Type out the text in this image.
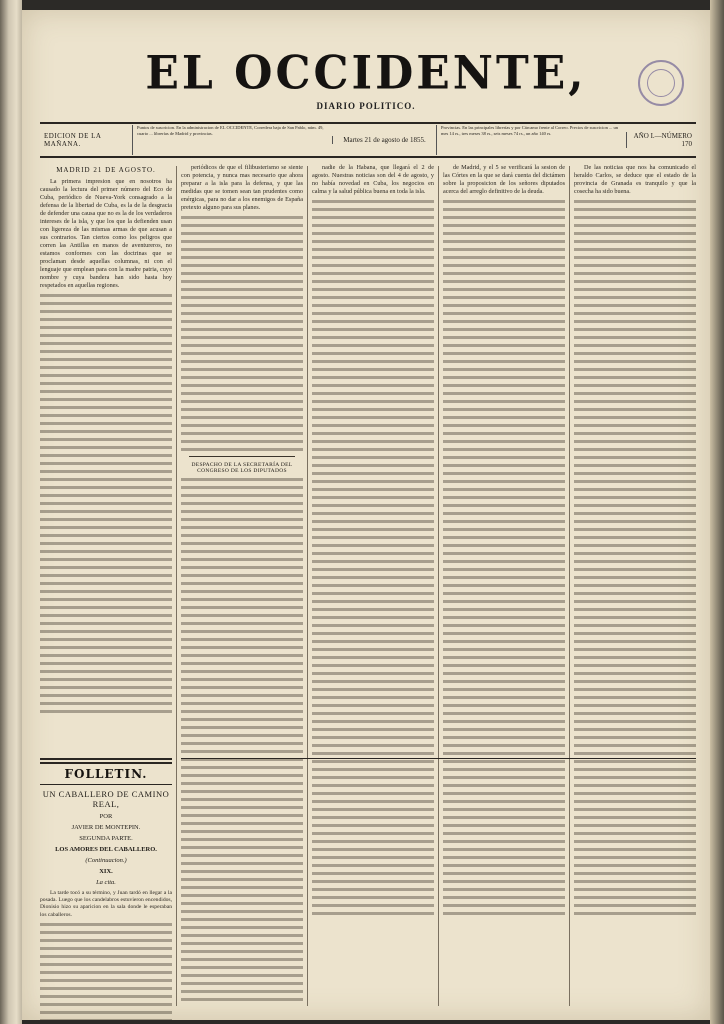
EL OCCIDENTE,
DIARIO POLITICO.
EDICION DE LA MAÑANA.
Puntos de suscricion. En la administracion de EL OCCIDENTE, Corredera baja de San Pablo, núm. 49, cuarto ... librerías de Madrid y provincias.
Martes 21 de agosto de 1855.
Provincias. En las principales librerías y por Cárcamo frente al Correo. Precios de suscricion ... un mes 14 rs., tres meses 38 rs., seis meses 74 rs., un año 140 rs.	AÑO I.—NÚMERO 170
MADRID 21 DE AGOSTO.

La primera impresion que en nosotros ha causado la lectura del primer número del Eco de Cuba, periódico de Nueva-York consagrado a la defensa de la libertad de Cuba, es la de la desgracia de defender una causa que no es la de los verdaderos intereses de la isla, y que los que la defienden usan con ligereza de las mismas armas de que acusan a sus contrarios. Tan ciertos como los peligros que corren las Antillas en manos de aventureros, no estamos conformes con las doctrinas que se proclaman desde aquellas columnas, ni con el lenguaje que emplean para con la madre patria, cuyo nombre y cuya bandera han sido hasta hoy respetados en aquellas regiones.

FOLLETIN.
UN CABALLERO DE CAMINO REAL,
POR
JAVIER DE MONTEPIN.
SEGUNDA PARTE.
LOS AMORES DEL CABALLERO.
(Continuacion.)
XIX.
La cita.

La tarde tocó a su término, y Juan tardó en llegar a la posada. Luego que los candelabros estuvieron encendidos, Dionisio hizo su aparicion en la sala donde le esperaban los caballeros.

periódicos de que el filibusterismo se siente con potencia, y nunca mas necesario que ahora preparar a la isla para la defensa, y que las medidas que se tomen sean tan prudentes como enérgicas, para no dar a los enemigos de España pretexto alguno para sus planes.

DESPACHO DE LA SECRETARÍA DEL CONGRESO DE LOS DIPUTADOS

nadie de la Habana, que llegará el 2 de agosto. Nuestras noticias son del 4 de agosto, y no había novedad en Cuba, los negocios en calma y la salud pública buena en toda la isla.

de Madrid, y el 5 se verificará la sesion de las Córtes en la que se dará cuenta del dictámen sobre la proposicion de los señores diputados acerca del arreglo definitivo de la deuda.

De las noticias que nos ha comunicado el heraldo Carlos, se deduce que el estado de la provincia de Granada es tranquilo y que la cosecha ha sido buena.
